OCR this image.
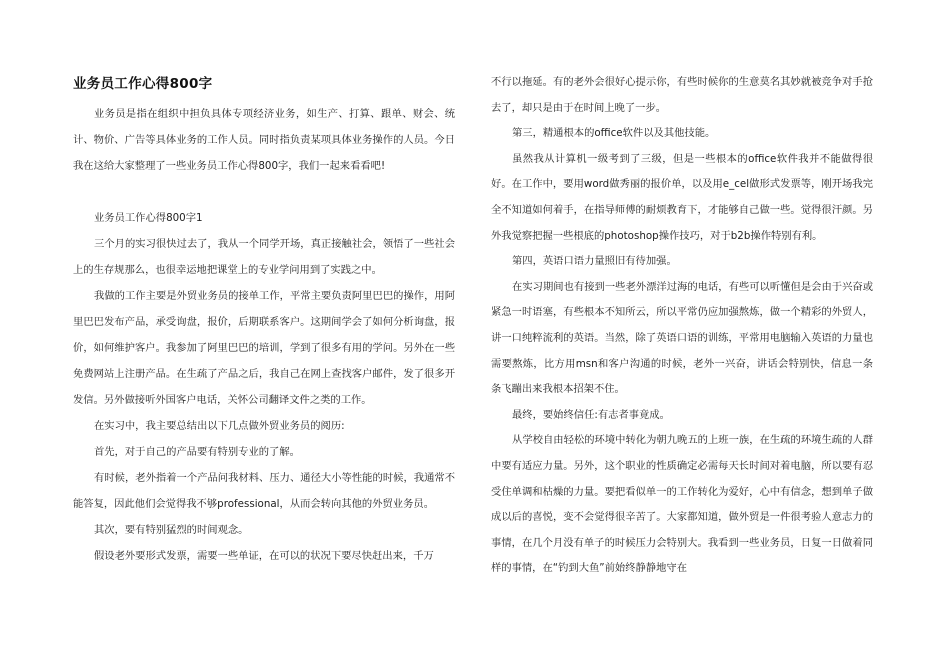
业务员工作心得800字

业务员是指在组织中担负具体专项经济业务，如生产、打算、跟单、财会、统计、物价、广告等具体业务的工作人员。同时指负责某项具体业务操作的人员。今日我在这给大家整理了一些业务员工作心得800字，我们一起来看看吧!

业务员工作心得800字1

三个月的实习很快过去了，我从一个同学开场，真正接触社会，领悟了一些社会上的生存规那么，也很幸运地把课堂上的专业学问用到了实践之中。

我做的工作主要是外贸业务员的接单工作，平常主要负责阿里巴巴的操作，用阿里巴巴发布产品，承受询盘，报价，后期联系客户。这期间学会了如何分析询盘，报价，如何维护客户。我参加了阿里巴巴的培训，学到了很多有用的学问。另外在一些免费网站上注册产品。在生疏了产品之后，我自己在网上查找客户邮件，发了很多开发信。另外做接听外国客户电话，关怀公司翻译文件之类的工作。

在实习中，我主要总结出以下几点做外贸业务员的阅历:

首先，对于自己的产品要有特别专业的了解。

有时候，老外指着一个产品问我材料、压力、通径大小等性能的时候，我通常不能答复，因此他们会觉得我不够professional，从而会转向其他的外贸业务员。

其次，要有特别猛烈的时间观念。

假设老外要形式发票，需要一些单证，在可以的状况下要尽快赶出来，千万

不行以拖延。有的老外会很好心提示你，有些时候你的生意莫名其妙就被竞争对手抢去了，却只是由于在时间上晚了一步。

第三，精通根本的office软件以及其他技能。

虽然我从计算机一级考到了三级，但是一些根本的office软件我并不能做得很好。在工作中，要用word做秀丽的报价单，以及用e_cel做形式发票等，刚开场我完全不知道如何着手，在指导师傅的耐烦教育下，才能够自己做一些。觉得很汗颜。另外我觉察把握一些根底的photoshop操作技巧，对于b2b操作特别有利。

第四，英语口语力量照旧有待加强。

在实习期间也有接到一些老外漂洋过海的电话，有些可以听懂但是会由于兴奋或紧急一时语塞，有些根本不知所云，所以平常仍应加强熬炼，做一个精彩的外贸人，讲一口纯粹流利的英语。当然，除了英语口语的训练，平常用电脑输入英语的力量也需要熬炼，比方用msn和客户沟通的时候，老外一兴奋，讲话会特别快，信息一条条飞蹦出来我根本招架不住。

最终，要始终信任:有志者事竟成。

从学校自由轻松的环境中转化为朝九晚五的上班一族，在生疏的环境生疏的人群中要有适应力量。另外，这个职业的性质确定必需每天长时间对着电脑，所以要有忍受住单调和枯燥的力量。要把看似单一的工作转化为爱好，心中有信念，想到单子做成以后的喜悦，变不会觉得很辛苦了。大家都知道，做外贸是一件很考验人意志力的事情，在几个月没有单子的时候压力会特别大。我看到一些业务员，日复一日做着同样的事情，在“钓到大鱼”前始终静静地守在
